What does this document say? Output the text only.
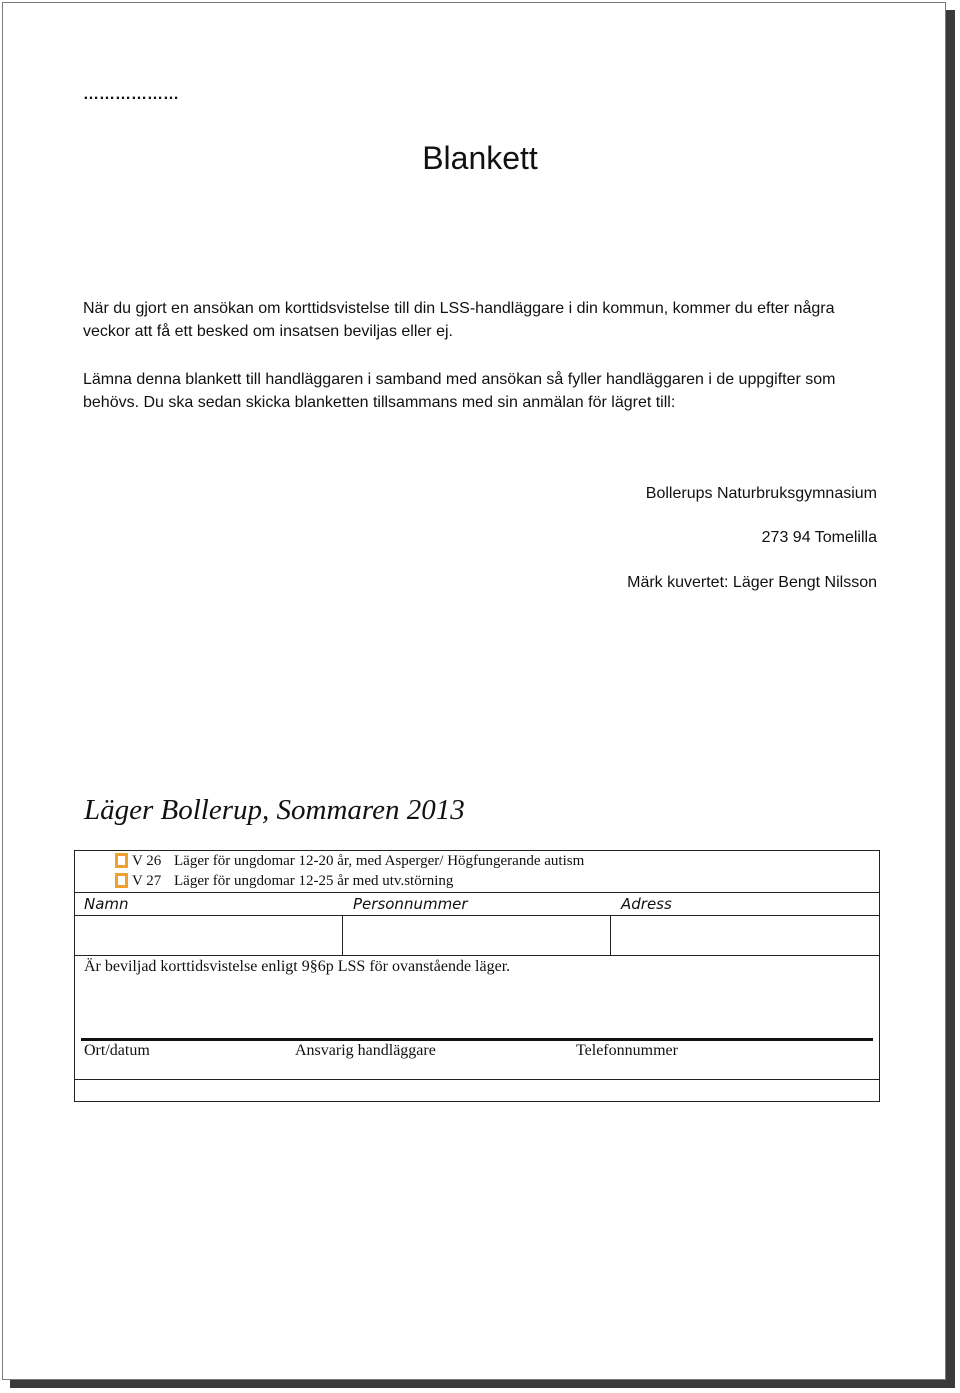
………………
Blankett
När du gjort en ansökan om korttidsvistelse till din LSS-handläggare i din kommun, kommer du efter några veckor att få ett besked om insatsen beviljas eller ej.
Lämna denna blankett till handläggaren i samband med ansökan så fyller handläggaren i de uppgifter som behövs. Du ska sedan skicka blanketten tillsammans med sin anmälan för lägret till:
Bollerups Naturbruksgymnasium
273 94 Tomelilla
Märk kuvertet: Läger Bengt Nilsson
Läger Bollerup, Sommaren 2013
V 26 Läger för ungdomar 12-20 år, med Asperger/ Högfungerande autism
V 27 Läger för ungdomar 12-25 år med utv.störning
Namn	Personnummer	Adress
Är beviljad korttidsvistelse enligt 9§6p LSS för ovanstående läger.
Ort/datum	Ansvarig handläggare	Telefonnummer
